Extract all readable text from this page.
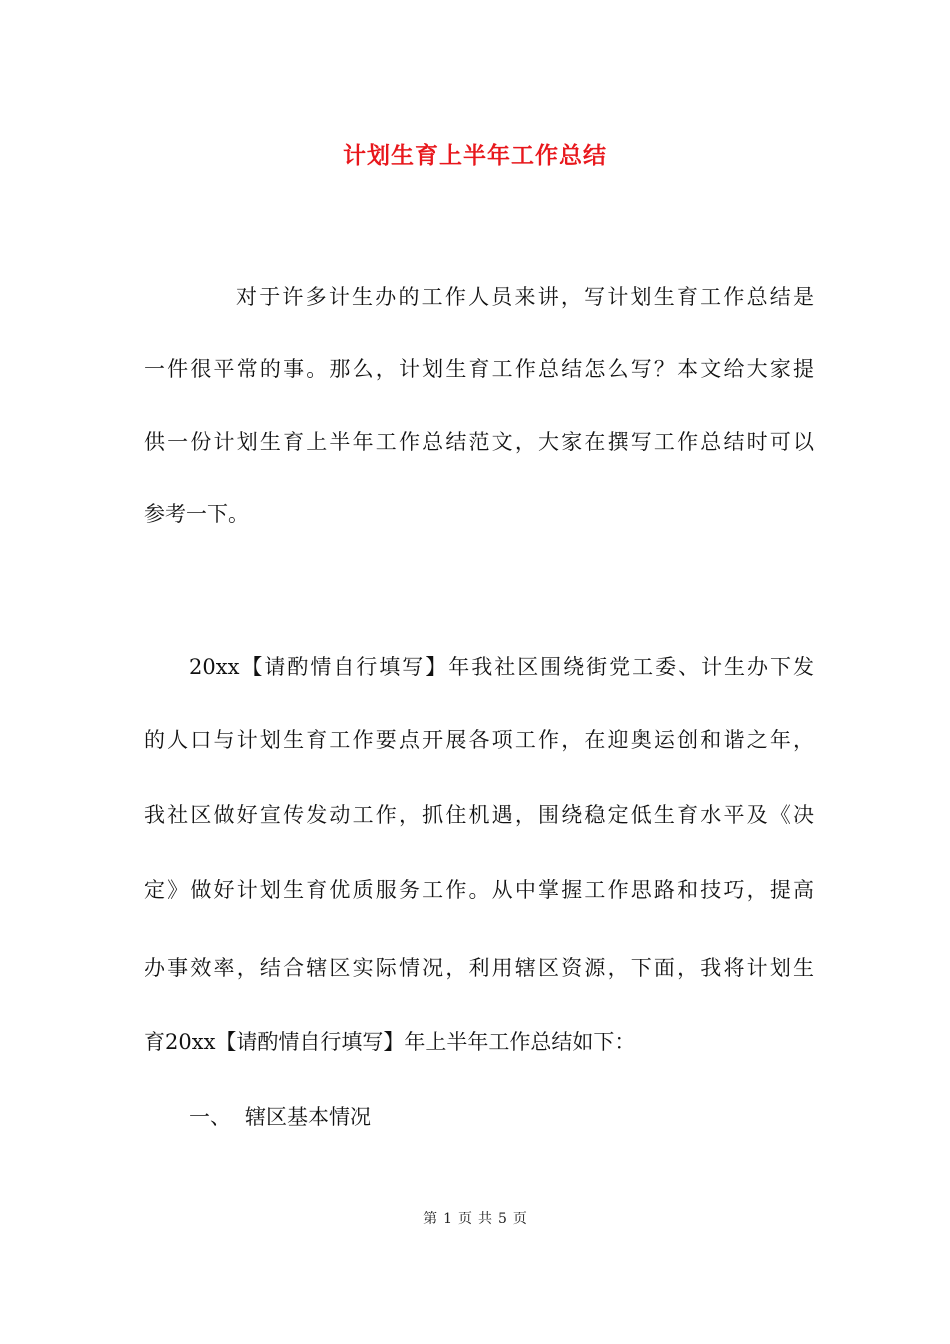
计划生育上半年工作总结
对于许多计生办的工作人员来讲，写计划生育工作总结是
一件很平常的事。那么，计划生育工作总结怎么写？本文给大家提
供一份计划生育上半年工作总结范文，大家在撰写工作总结时可以
参考一下。
20xx【请酌情自行填写】年我社区围绕街党工委、计生办下发
的人口与计划生育工作要点开展各项工作，在迎奥运创和谐之年，
我社区做好宣传发动工作，抓住机遇，围绕稳定低生育水平及《决
定》做好计划生育优质服务工作。从中掌握工作思路和技巧，提高
办事效率，结合辖区实际情况，利用辖区资源，下面，我将计划生
育20xx【请酌情自行填写】年上半年工作总结如下：
一、 辖区基本情况
第 1 页 共 5 页
